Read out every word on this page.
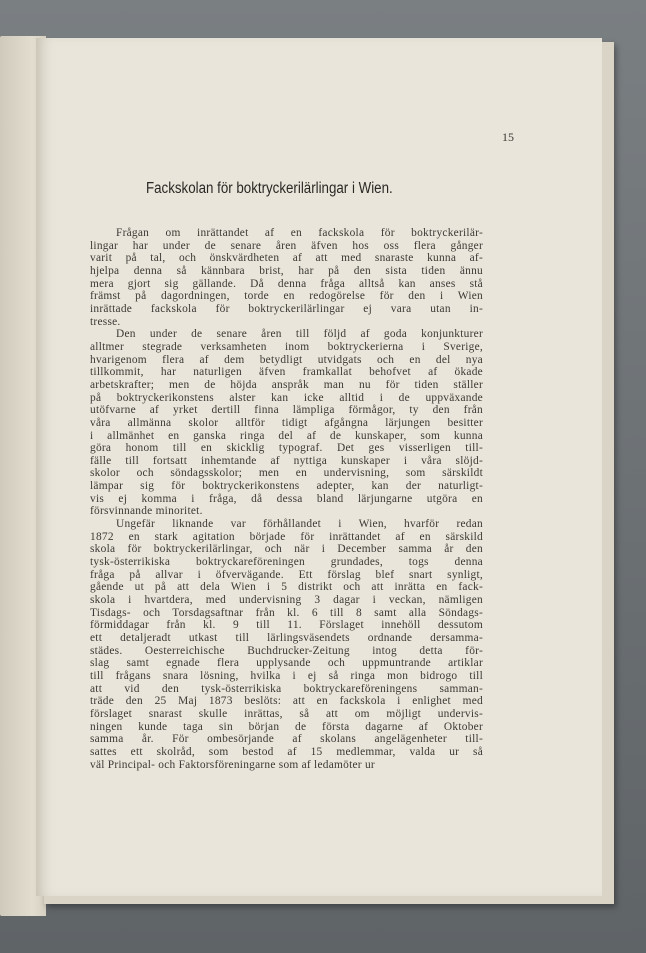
15
Fackskolan för boktryckerilärlingar i Wien.
Frågan om inrättandet af en fackskola för boktryckerilär-
lingar har under de senare åren äfven hos oss flera gånger
varit på tal, och önskvärdheten af att med snaraste kunna af-
hjelpa denna så kännbara brist, har på den sista tiden ännu
mera gjort sig gällande. Då denna fråga alltså kan anses stå
främst på dagordningen, torde en redogörelse för den i Wien
inrättade fackskola för boktryckerilärlingar ej vara utan in-
tresse.
Den under de senare åren till följd af goda konjunkturer
alltmer stegrade verksamheten inom boktryckerierna i Sverige,
hvarigenom flera af dem betydligt utvidgats och en del nya
tillkommit, har naturligen äfven framkallat behofvet af ökade
arbetskrafter; men de höjda anspråk man nu för tiden ställer
på boktryckerikonstens alster kan icke alltid i de uppväxande
utöfvarne af yrket dertill finna lämpliga förmågor, ty den från
våra allmänna skolor alltför tidigt afgångna lärjungen besitter
i allmänhet en ganska ringa del af de kunskaper, som kunna
göra honom till en skicklig typograf. Det ges visserligen till-
fälle till fortsatt inhemtande af nyttiga kunskaper i våra slöjd-
skolor och söndagsskolor; men en undervisning, som särskildt
lämpar sig för boktryckerikonstens adepter, kan der naturligt-
vis ej komma i fråga, då dessa bland lärjungarne utgöra en
försvinnande minoritet.
Ungefär liknande var förhållandet i Wien, hvarför redan
1872 en stark agitation började för inrättandet af en särskild
skola för boktryckerilärlingar, och när i December samma år den
tysk-österrikiska boktryckareföreningen grundades, togs denna
fråga på allvar i öfvervägande. Ett förslag blef snart synligt,
gående ut på att dela Wien i 5 distrikt och att inrätta en fack-
skola i hvartdera, med undervisning 3 dagar i veckan, nämligen
Tisdags- och Torsdagsaftnar från kl. 6 till 8 samt alla Söndags-
förmiddagar från kl. 9 till 11. Förslaget innehöll dessutom
ett detaljeradt utkast till lärlingsväsendets ordnande dersamma-
städes. Oesterreichische Buchdrucker-Zeitung intog detta för-
slag samt egnade flera upplysande och uppmuntrande artiklar
till frågans snara lösning, hvilka i ej så ringa mon bidrogo till
att vid den tysk-österrikiska boktryckareföreningens samman-
träde den 25 Maj 1873 beslöts: att en fackskola i enlighet med
förslaget snarast skulle inrättas, så att om möjligt undervis-
ningen kunde taga sin början de första dagarne af Oktober
samma år. För ombesörjande af skolans angelägenheter till-
sattes ett skolråd, som bestod af 15 medlemmar, valda ur så
väl Principal- och Faktorsföreningarne som af ledamöter ur
